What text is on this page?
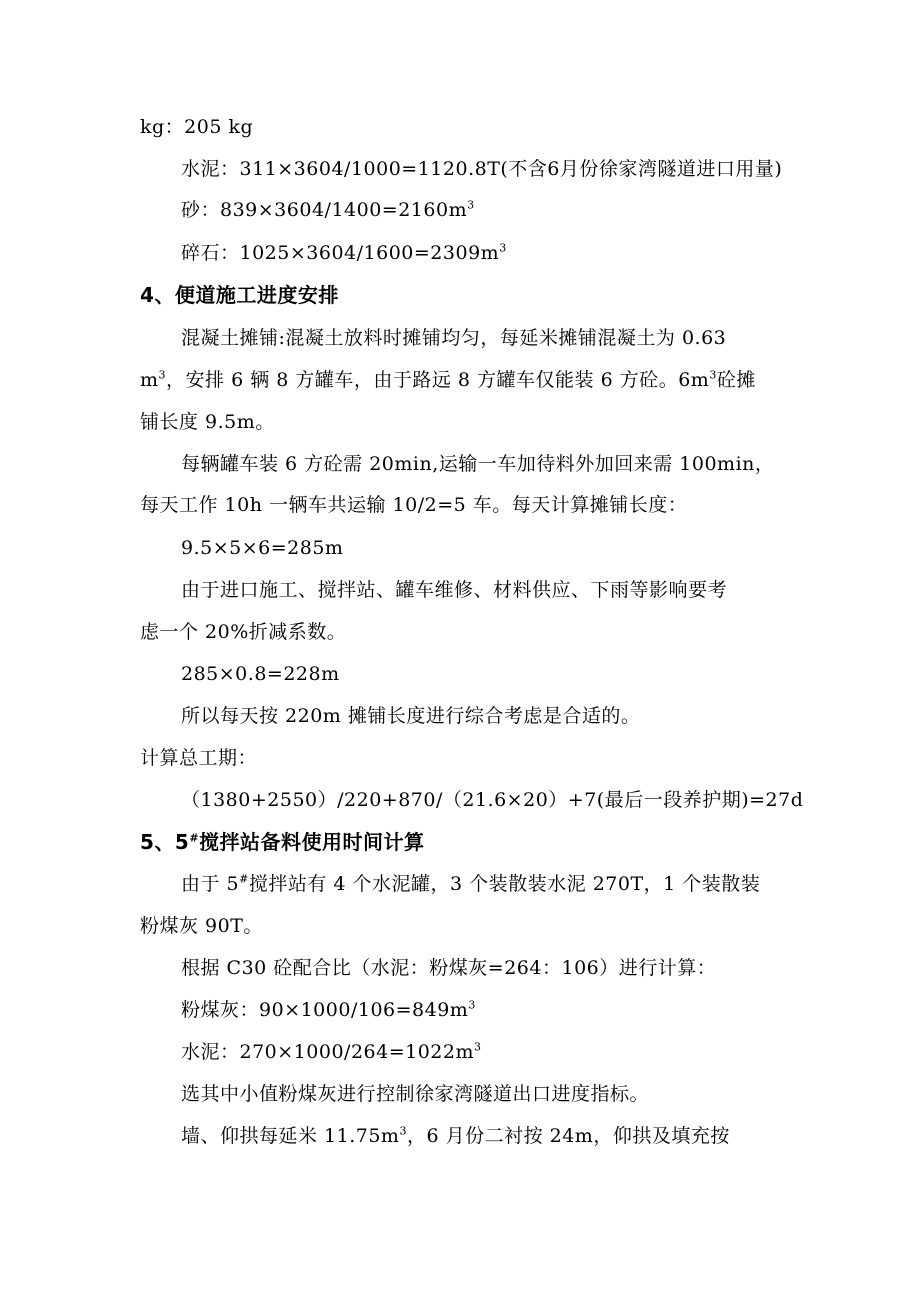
kg：205 kg
水泥：311×3604/1000=1120.8T(不含6月份徐家湾隧道进口用量)
砂：$839\times 3604/1400=2160m^3$
碎石：$1025\times 3604/1600=2309m^3$
4、便道施工进度安排
混凝土摊铺:混凝土放料时摊铺均匀，每延米摊铺混凝土为 0.63
$m^3$，安排 6 辆 8 方罐车，由于路远 8 方罐车仅能装 6 方砼。$6m^3$砼摊
铺长度 9.5m。
每辆罐车装 6 方砼需 20min,运输一车加待料外加回来需 100min，
每天工作 10h 一辆车共运输 10/2=5 车。每天计算摊铺长度：
9.5×5×6=285m
由于进口施工、搅拌站、罐车维修、材料供应、下雨等影响要考
虑一个 20%折减系数。
285×0.8=228m
所以每天按 220m 摊铺长度进行综合考虑是合适的。
计算总工期：
（1380+2550）/220+870/（21.6×20）+7(最后一段养护期)=27d
5、5#搅拌站备料使用时间计算
由于 5#搅拌站有 4 个水泥罐，3 个装散装水泥 270T，1 个装散装
粉煤灰 90T。
根据 C30 砼配合比（水泥：粉煤灰=264：106）进行计算：
粉煤灰：$90\times 1000/106=849m^3$
水泥：$270\times 1000/264=1022m^3$
选其中小值粉煤灰进行控制徐家湾隧道出口进度指标。
墙、仰拱每延米 $11.75m^3$，6 月份二衬按 24m，仰拱及填充按
